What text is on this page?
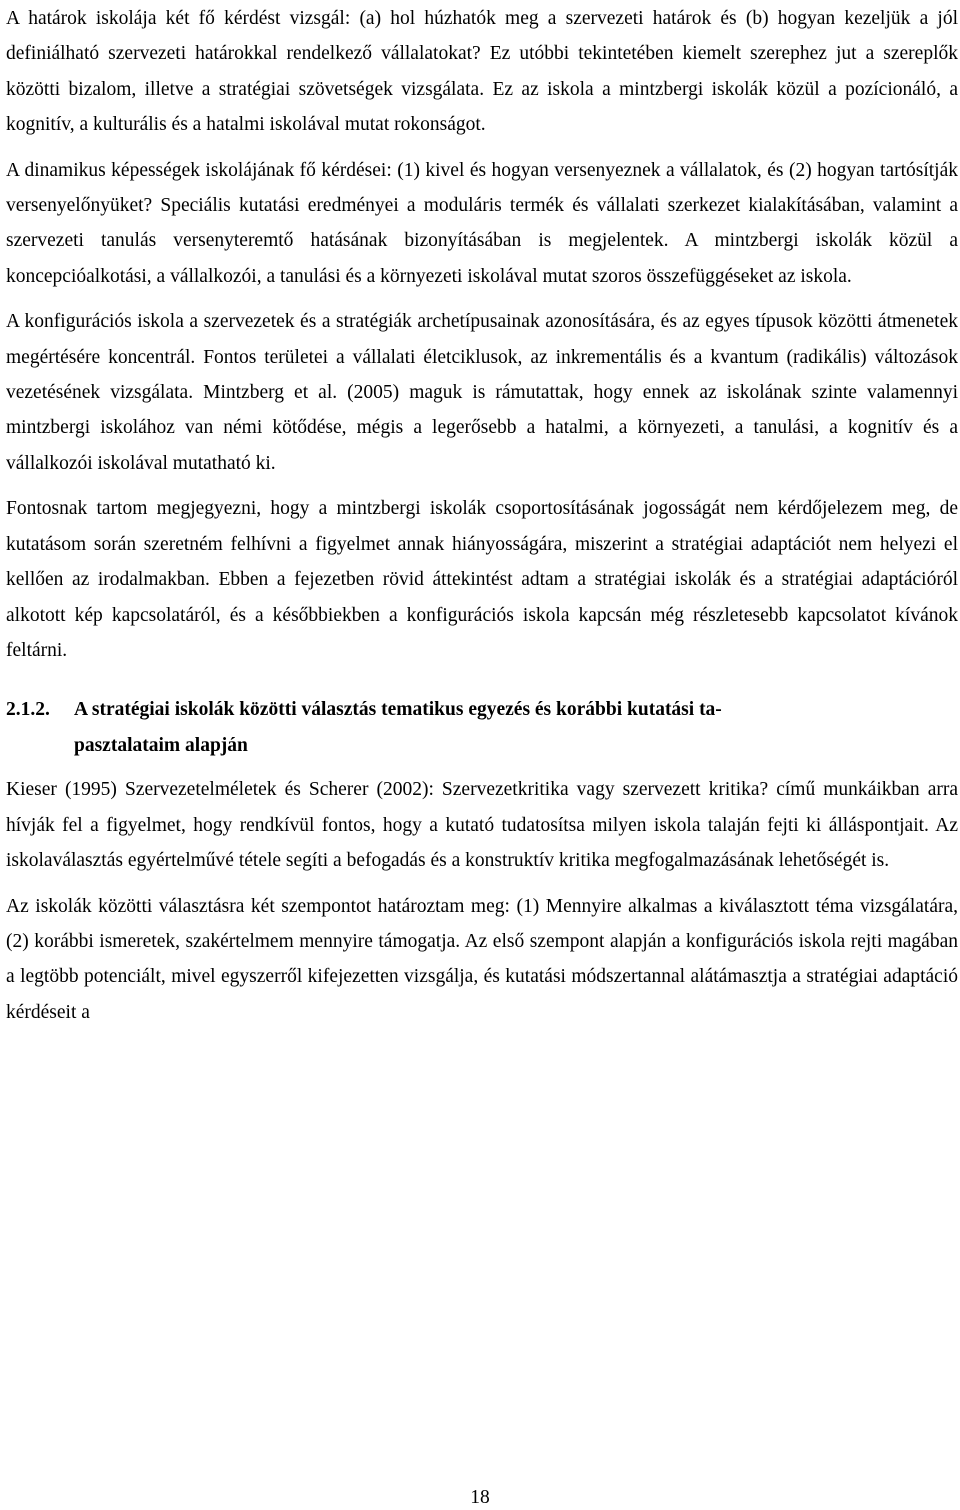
A határok iskolája két fő kérdést vizsgál: (a) hol húzhatók meg a szervezeti határok és (b) hogyan kezeljük a jól definiálható szervezeti határokkal rendelkező vállalatokat? Ez utóbbi tekintetében kiemelt szerephez jut a szereplők közötti bizalom, illetve a stratégiai szövetségek vizsgálata. Ez az iskola a mintzbergi iskolák közül a pozícionáló, a kognitív, a kulturális és a hatalmi iskolával mutat rokonságot.

A dinamikus képességek iskolájának fő kérdései: (1) kivel és hogyan versenyeznek a vállalatok, és (2) hogyan tartósítják versenyelőnyüket? Speciális kutatási eredményei a moduláris termék és vállalati szerkezet kialakításában, valamint a szervezeti tanulás versenyteremtő hatásának bizonyításában is megjelentek. A mintzbergi iskolák közül a koncepcióalkotási, a vállalkozói, a tanulási és a környezeti iskolával mutat szoros összefüggéseket az iskola.

A konfigurációs iskola a szervezetek és a stratégiák archetípusainak azonosítására, és az egyes típusok közötti átmenetek megértésére koncentrál. Fontos területei a vállalati életciklusok, az inkrementális és a kvantum (radikális) változások vezetésének vizsgálata. Mintzberg et al. (2005) maguk is rámutattak, hogy ennek az iskolának szinte valamennyi mintzbergi iskolához van némi kötődése, mégis a legerősebb a hatalmi, a környezeti, a tanulási, a kognitív és a vállalkozói iskolával mutatható ki.

Fontosnak tartom megjegyezni, hogy a mintzbergi iskolák csoportosításának jogosságát nem kérdőjelezem meg, de kutatásom során szeretném felhívni a figyelmet annak hiányosságára, miszerint a stratégiai adaptációt nem helyezi el kellően az irodalmakban. Ebben a fejezetben rövid áttekintést adtam a stratégiai iskolák és a stratégiai adaptációról alkotott kép kapcsolatáról, és a későbbiekben a konfigurációs iskola kapcsán még részletesebb kapcsolatot kívánok feltárni.

2.1.2.	A stratégiai iskolák közötti választás tematikus egyezés és korábbi kutatási ta-
pasztalataim alapján

Kieser (1995) Szervezetelméletek és Scherer (2002): Szervezetkritika vagy szervezett kritika? című munkáikban arra hívják fel a figyelmet, hogy rendkívül fontos, hogy a kutató tudatosítsa milyen iskola talaján fejti ki álláspontjait. Az iskolaválasztás egyértelművé tétele segíti a befogadás és a konstruktív kritika megfogalmazásának lehetőségét is.

Az iskolák közötti választásra két szempontot határoztam meg: (1) Mennyire alkalmas a kiválasztott téma vizsgálatára, (2) korábbi ismeretek, szakértelmem mennyire támogatja. Az első szempont alapján a konfigurációs iskola rejti magában a legtöbb potenciált, mivel egyszerről kifejezetten vizsgálja, és kutatási módszertannal alátámasztja a stratégiai adaptáció kérdéseit a

18
